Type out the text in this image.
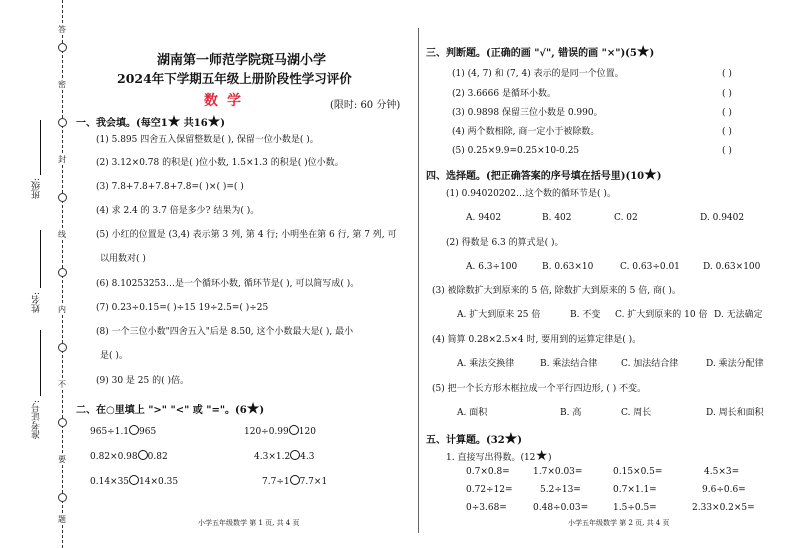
密
封
线
内
不
要
答
题
班级:
姓名:
准考证号:
湖南第一师范学院斑马湖小学
2024年下学期五年级上册阶段性学习评价
数学	(限时: 60 分钟)
一、我会填。(每空1★ 共16★)
(1) 5.895 四舍五入保留整数是( ), 保留一位小数是( )。
(2) 3.12×0.78 的积是( )位小数, 1.5×1.3 的积是( )位小数。
(3) 7.8+7.8+7.8+7.8=( )×( )=( )
(4) 求 2.4 的 3.7 倍是多少? 结果为( )。
(5) 小红的位置是 (3,4) 表示第 3 列, 第 4 行; 小明坐在第 6 行, 第 7 列, 可
以用数对( )
(6) 8.10253253…是一个循环小数, 循环节是( ), 可以简写成( )。
(7) 0.23÷0.15=( )÷15 19÷2.5=( )÷25
(8) 一个三位小数"四舍五入"后是 8.50, 这个小数最大是( ), 最小
是( )。
(9) 30 是 25 的( )倍。
二、在○里填上 ">" "<" 或 "="。(6★)
965÷1.1 965	120÷0.99 120
0.82×0.98 0.82	4.3×1.2 4.3
0.14×35 14×0.35	7.7÷1 7.7×1
小学五年级数学 第 1 页, 共 4 页
三、判断题。(正确的画 "√", 错误的画 "×")(5★)
(1) (4, 7) 和 (7, 4) 表示的是同一个位置。	( )
(2) 3.6666 是循环小数。	( )
(3) 0.9898 保留三位小数是 0.990。	( )
(4) 两个数相除, 商一定小于被除数。	( )
(5) 0.25×9.9=0.25×10-0.25	( )
四、选择题。(把正确答案的序号填在括号里)(10★)
(1) 0.94020202…这个数的循环节是( )。
A. 9402	B. 402	C. 02	D. 0.9402
(2) 得数是 6.3 的算式是( )。
A. 6.3÷100	B. 0.63×10	C. 0.63÷0.01	D. 0.63×100
(3) 被除数扩大到原来的 5 倍, 除数扩大到原来的 5 倍, 商( )。
A. 扩大到原来 25 倍	B. 不变 C. 扩大到原来的 10 倍 D. 无法确定
(4) 简算 0.28×2.5×4 时, 要用到的运算定律是( )。
A. 乘法交换律	B. 乘法结合律	C. 加法结合律	D. 乘法分配律
(5) 把一个长方形木框拉成一个平行四边形, ( ) 不变。
A. 面积	B. 高	C. 周长	D. 周长和面积
五、计算题。(32★)
1. 直接写出得数。(12★)
0.7×0.8=	1.7×0.03=	0.15×0.5=	4.5×3=
0.72÷12=	5.2÷13=	0.7×1.1=	9.6÷0.6=
0÷3.68=	0.48÷0.03=	1.5÷0.5=	2.33×0.2×5=
小学五年级数学 第 2 页, 共 4 页
